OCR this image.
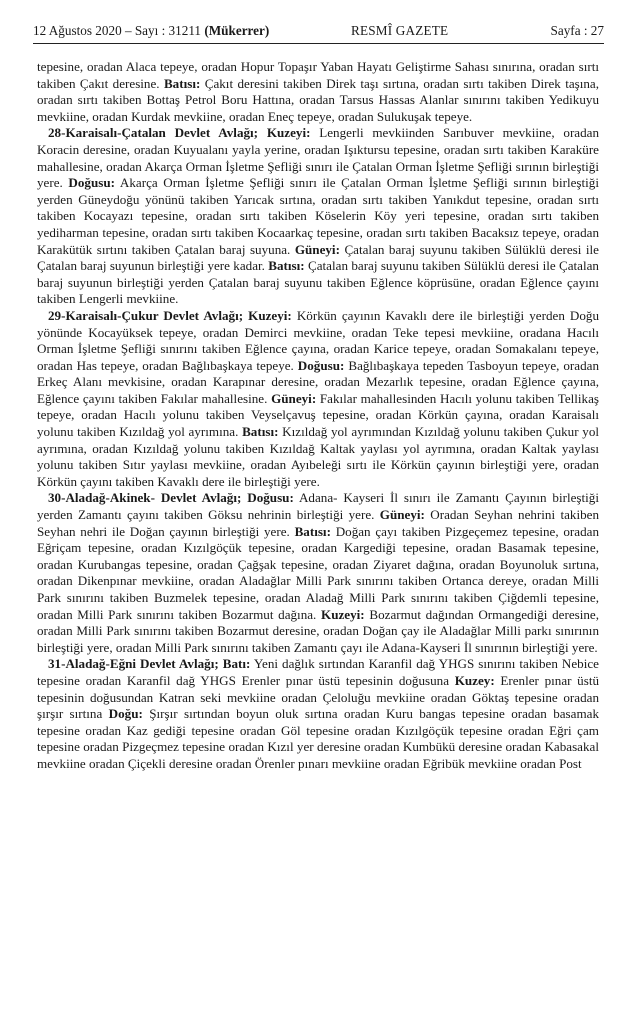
12 Ağustos 2020 – Sayı : 31211 (Mükerrer)	RESMÎ GAZETE	Sayfa : 27

tepesine, oradan Alaca tepeye, oradan Hopur Topaşır Yaban Hayatı Geliştirme Sahası sınırına, oradan sırtı takiben Çakıt deresine. Batısı: Çakıt deresini takiben Direk taşı sırtına, oradan sırtı takiben Direk taşına, oradan sırtı takiben Bottaş Petrol Boru Hattına, oradan Tarsus Hassas Alanlar sınırını takiben Yedikuyu mevkiine, oradan Kurdak mevkiine, oradan Eneç tepeye, oradan Sulukuşak tepeye.

28-Karaisalı-Çatalan Devlet Avlağı; Kuzeyi: Lengerli mevkiinden Sarıbuver mevkiine, oradan Koracin deresine, oradan Kuyualanı yayla yerine, oradan Işıktursu tepesine, oradan sırtı takiben Karaküre mahallesine, oradan Akarça Orman İşletme Şefliği sınırı ile Çatalan Orman İşletme Şefliği sırının birleştiği yere. Doğusu: Akarça Orman İşletme Şefliği sınırı ile Çatalan Orman İşletme Şefliği sırının birleştiği yerden Güneydoğu yönünü takiben Yarıcak sırtına, oradan sırtı takiben Yanıkdut tepesine, oradan sırtı takiben Kocayazı tepesine, oradan sırtı takiben Köselerin Köy yeri tepesine, oradan sırtı takiben yediharman tepesine, oradan sırtı takiben Kocaarkaç tepesine, oradan sırtı takiben Bacaksız tepeye, oradan Karakütük sırtını takiben Çatalan baraj suyuna. Güneyi: Çatalan baraj suyunu takiben Sülüklü deresi ile Çatalan baraj suyunun birleştiği yere kadar. Batısı: Çatalan baraj suyunu takiben Sülüklü deresi ile Çatalan baraj suyunun birleştiği yerden Çatalan baraj suyunu takiben Eğlence köprüsüne, oradan Eğlence çayını takiben Lengerli mevkiine.

29-Karaisalı-Çukur Devlet Avlağı; Kuzeyi: Körkün çayının Kavaklı dere ile birleştiği yerden Doğu yönünde Kocayüksek tepeye, oradan Demirci mevkiine, oradan Teke tepesi mevkiine, oradana Hacılı Orman İşletme Şefliği sınırını takiben Eğlence çayına, oradan Karice tepeye, oradan Somakalanı tepeye, oradan Has tepeye, oradan Bağlıbaşkaya tepeye. Doğusu: Bağlıbaşkaya tepeden Tasboyun tepeye, oradan Erkeç Alanı mevkisine, oradan Karapınar deresine, oradan Mezarlık tepesine, oradan Eğlence çayına, Eğlence çayını takiben Fakılar mahallesine. Güneyi: Fakılar mahallesinden Hacılı yolunu takiben Tellikaş tepeye, oradan Hacılı yolunu takiben Veyselçavuş tepesine, oradan Körkün çayına, oradan Karaisalı yolunu takiben Kızıldağ yol ayrımına. Batısı: Kızıldağ yol ayrımından Kızıldağ yolunu takiben Çukur yol ayrımına, oradan Kızıldağ yolunu takiben Kızıldağ Kaltak yaylası yol ayrımına, oradan Kaltak yaylası yolunu takiben Sıtır yaylası mevkiine, oradan Ayıbeleği sırtı ile Körkün çayının birleştiği yere, oradan Körkün çayını takiben Kavaklı dere ile birleştiği yere.

30-Aladağ-Akinek- Devlet Avlağı; Doğusu: Adana- Kayseri İl sınırı ile Zamantı Çayının birleştiği yerden Zamantı çayını takiben Göksu nehrinin birleştiği yere. Güneyi: Oradan Seyhan nehrini takiben Seyhan nehri ile Doğan çayının birleştiği yere. Batısı: Doğan çayı takiben Pizgeçemez tepesine, oradan Eğriçam tepesine, oradan Kızılgöçük tepesine, oradan Kargediği tepesine, oradan Basamak tepesine, oradan Kurubangas tepesine, oradan Çağşak tepesine, oradan Ziyaret dağına, oradan Boyunoluk sırtına, oradan Dikenpınar mevkiine, oradan Aladağlar Milli Park sınırını takiben Ortanca dereye, oradan Milli Park sınırını takiben Buzmelek tepesine, oradan Aladağ Milli Park sınırını takiben Çiğdemli tepesine, oradan Milli Park sınırını takiben Bozarmut dağına. Kuzeyi: Bozarmut dağından Ormangediği deresine, oradan Milli Park sınırını takiben Bozarmut deresine, oradan Doğan çay ile Aladağlar Milli parkı sınırının birleştiği yere, oradan Milli Park sınırını takiben Zamantı çayı ile Adana-Kayseri İl sınırının birleştiği yere.

31-Aladağ-Eğni Devlet Avlağı; Batı: Yeni dağlık sırtından Karanfil dağ YHGS sınırını takiben Nebice tepesine oradan Karanfil dağ YHGS Erenler pınar üstü tepesinin doğusuna Kuzey: Erenler pınar üstü tepesinin doğusundan Katran seki mevkiine oradan Çeloluğu mevkiine oradan Göktaş tepesine oradan şırşır sırtına Doğu: Şırşır sırtından boyun oluk sırtına oradan Kuru bangas tepesine oradan basamak tepesine oradan Kaz gediği tepesine oradan Göl tepesine oradan Kızılgöçük tepesine oradan Eğri çam tepesine oradan Pizgeçmez tepesine oradan Kızıl yer deresine oradan Kumbükü deresine oradan Kabasakal mevkiine oradan Çiçekli deresine oradan Örenler pınarı mevkiine oradan Eğribük mevkiine oradan Post
